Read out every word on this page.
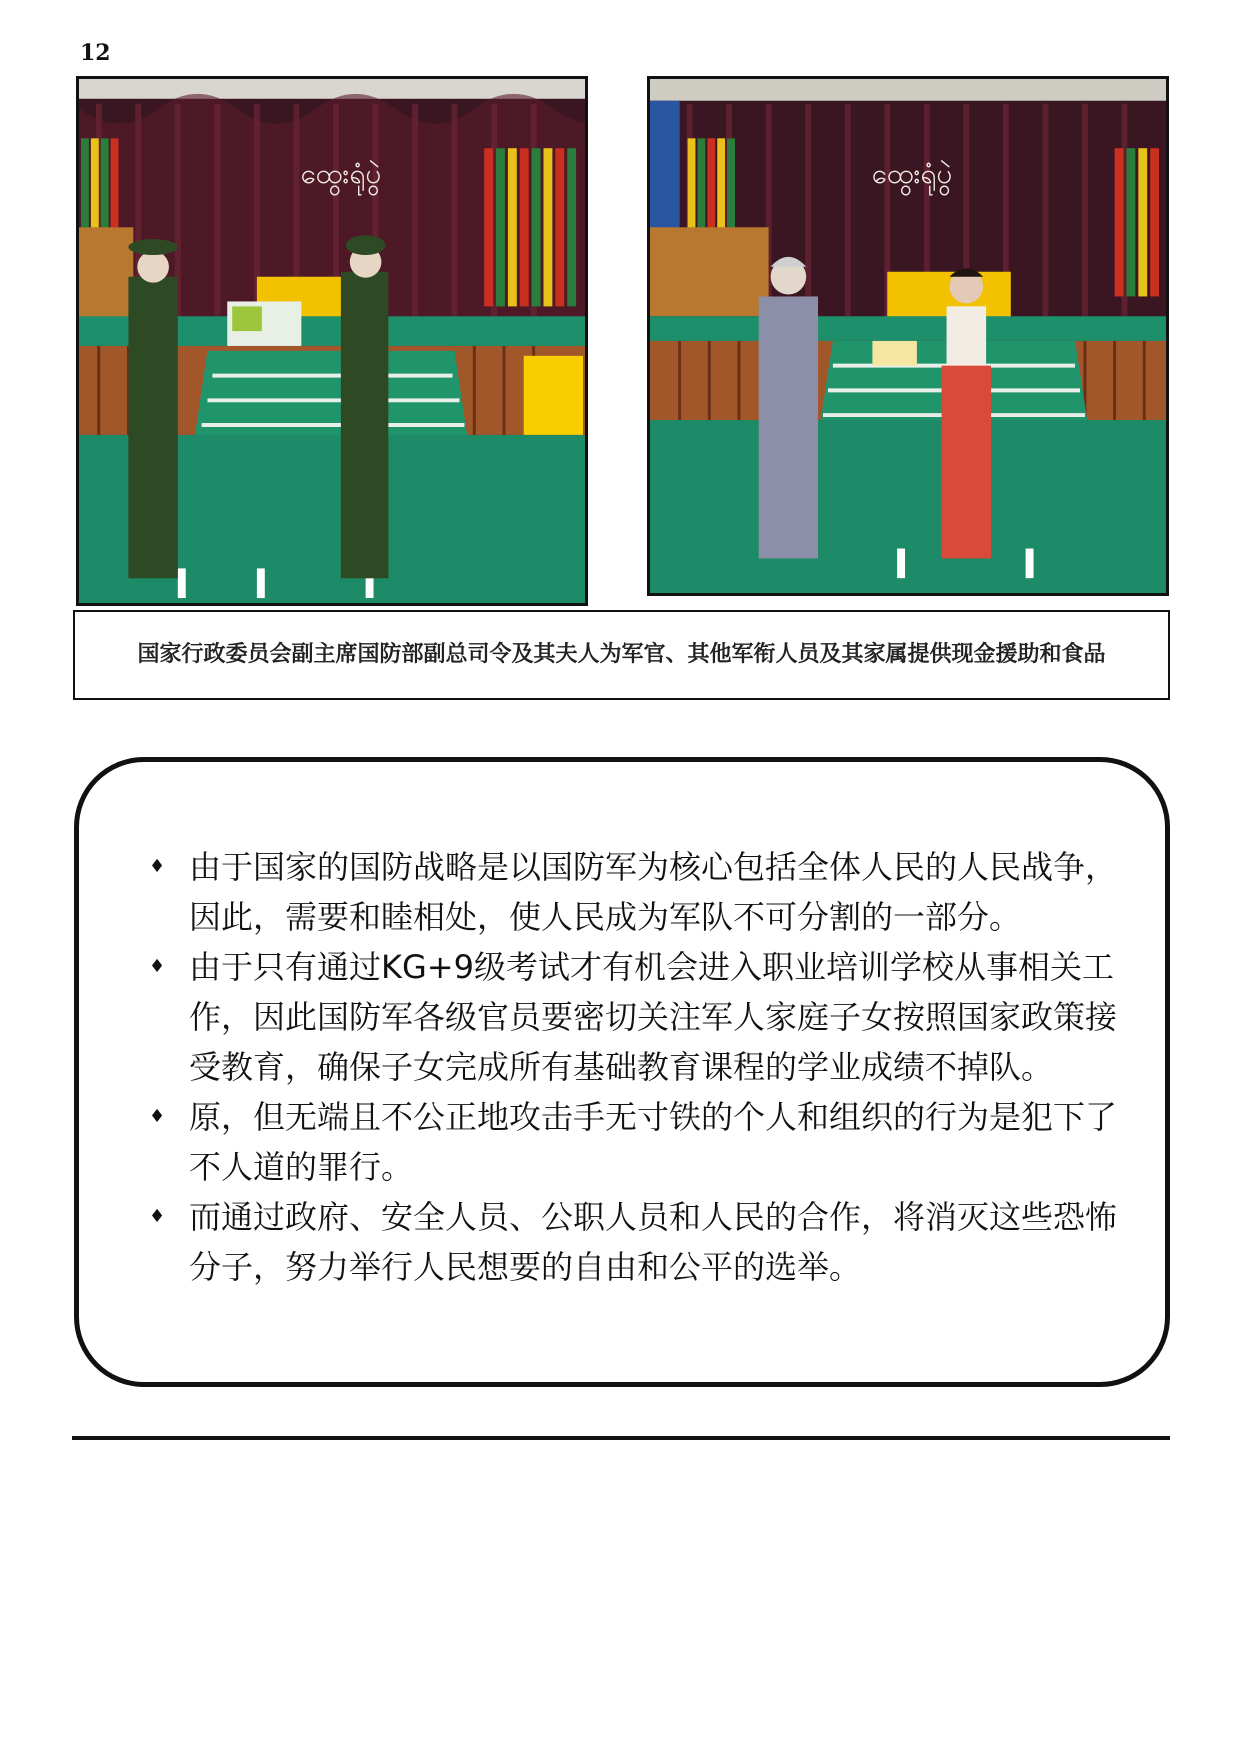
12
ထွေးရုံပွဲ	ထွေးရုံပွဲ
国家行政委员会副主席国防部副总司令及其夫人为军官、其他军衔人员及其家属提供现金援助和食品
♦ 由于国家的国防战略是以国防军为核心包括全体人民的人民战争，因此，需要和睦相处，使人民成为军队不可分割的一部分。
♦ 由于只有通过KG+9级考试才有机会进入职业培训学校从事相关工作，因此国防军各级官员要密切关注军人家庭子女按照国家政策接受教育，确保子女完成所有基础教育课程的学业成绩不掉队。
♦ 原，但无端且不公正地攻击手无寸铁的个人和组织的行为是犯下了不人道的罪行。
♦ 而通过政府、安全人员、公职人员和人民的合作，将消灭这些恐怖分子，努力举行人民想要的自由和公平的选举。
